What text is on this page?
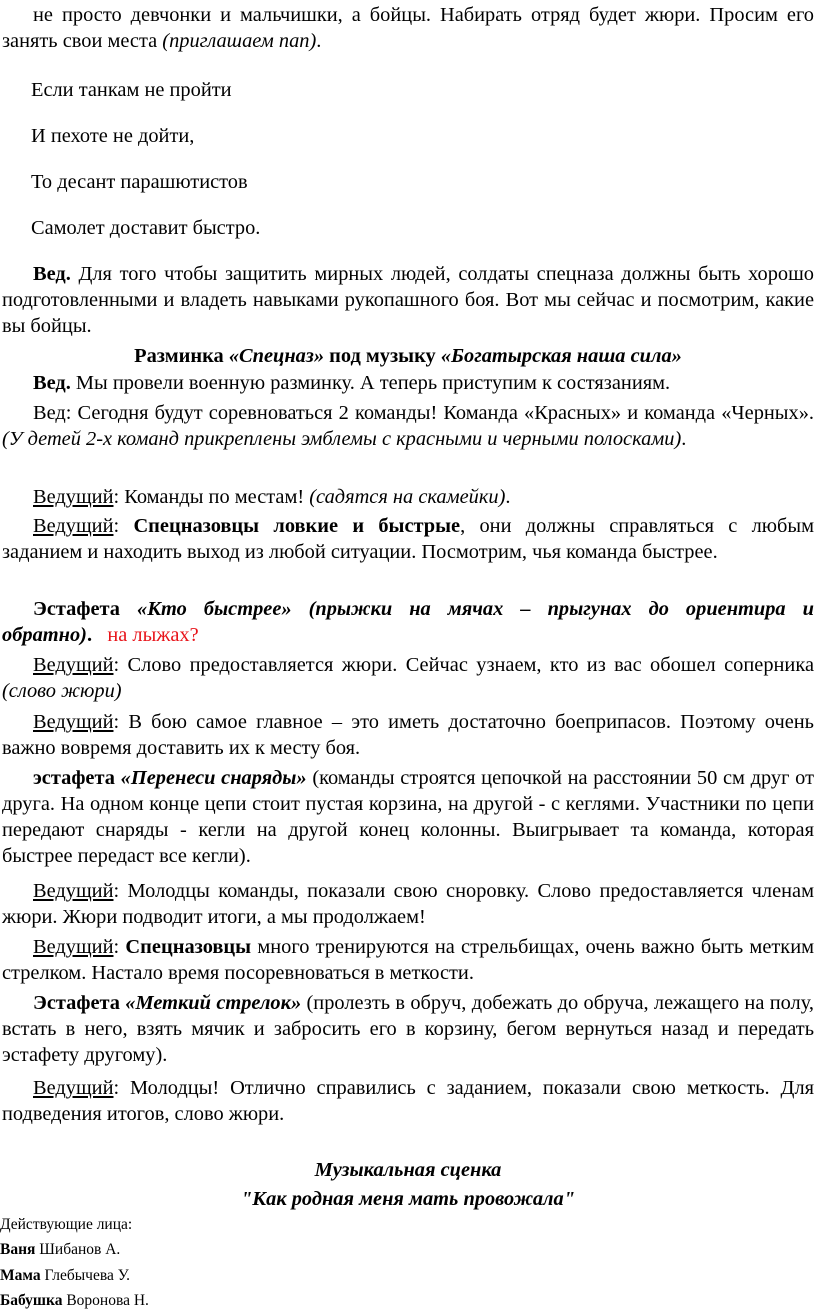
не просто девчонки и мальчишки, а бойцы. Набирать отряд будет жюри. Просим его занять свои места (приглашаем пап).

Если танкам не пройти

И пехоте не дойти,

То десант парашютистов

Самолет доставит быстро.

Вед. Для того чтобы защитить мирных людей, солдаты спецназа должны быть хорошо подготовленными и владеть навыками рукопашного боя. Вот мы сейчас и посмотрим, какие вы бойцы.

Разминка «Спецназ» под музыку «Богатырская наша сила»

Вед. Мы провели военную разминку. А теперь приступим к состязаниям.

Вед: Сегодня будут соревноваться 2 команды! Команда «Красных» и команда «Черных». (У детей 2-х команд прикреплены эмблемы с красными и черными полосками).

Ведущий: Команды по местам! (садятся на скамейки).

Ведущий: Спецназовцы ловкие и быстрые, они должны справляться с любым заданием и находить выход из любой ситуации. Посмотрим, чья команда быстрее.

Эстафета «Кто быстрее» (прыжки на мячах – прыгунах до ориентира и обратно). на лыжах?

Ведущий: Слово предоставляется жюри. Сейчас узнаем, кто из вас обошел соперника (слово жюри)

Ведущий: В бою самое главное – это иметь достаточно боеприпасов. Поэтому очень важно вовремя доставить их к месту боя.

эстафета «Перенеси снаряды» (команды строятся цепочкой на расстоянии 50 см друг от друга. На одном конце цепи стоит пустая корзина, на другой - с кеглями. Участники по цепи передают снаряды - кегли на другой конец колонны. Выигрывает та команда, которая быстрее передаст все кегли).

Ведущий: Молодцы команды, показали свою сноровку. Слово предоставляется членам жюри. Жюри подводит итоги, а мы продолжаем!

Ведущий: Спецназовцы много тренируются на стрельбищах, очень важно быть метким стрелком. Настало время посоревноваться в меткости.

Эстафета «Меткий стрелок» (пролезть в обруч, добежать до обруча, лежащего на полу, встать в него, взять мячик и забросить его в корзину, бегом вернуться назад и передать эстафету другому).

Ведущий: Молодцы! Отлично справились с заданием, показали свою меткость. Для подведения итогов, слово жюри.

Музыкальная сценка

"Как родная меня мать провожала"

Действующие лица:

Ваня Шибанов А.

Мама Глебычева У.

Бабушка Воронова Н.
